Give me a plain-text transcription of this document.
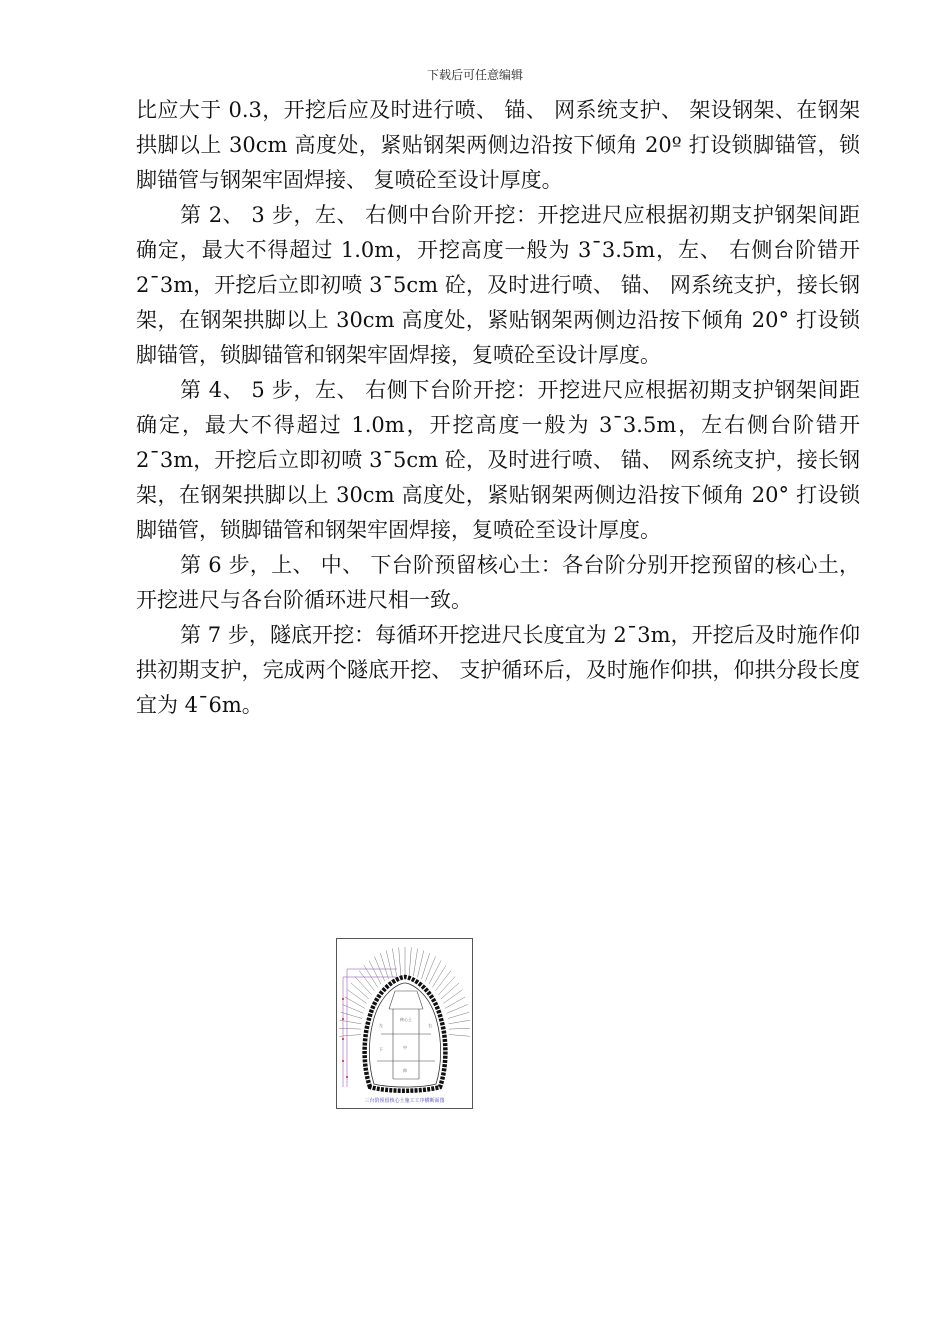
下载后可任意编辑

比应大于 0.3，开挖后应及时进行喷、 锚、 网系统支护、 架设钢架、在钢架拱脚以上 30cm 高度处，紧贴钢架两侧边沿按下倾角 20º 打设锁脚锚管，锁脚锚管与钢架牢固焊接、 复喷砼至设计厚度。

第 2、 3 步，左、 右侧中台阶开挖：开挖进尺应根据初期支护钢架间距确定，最大不得超过 1.0m，开挖高度一般为 3¯3.5m，左、 右侧台阶错开 2¯3m，开挖后立即初喷 3¯5cm 砼，及时进行喷、 锚、 网系统支护，接长钢架，在钢架拱脚以上 30cm 高度处，紧贴钢架两侧边沿按下倾角 20° 打设锁脚锚管，锁脚锚管和钢架牢固焊接，复喷砼至设计厚度。

第 4、 5 步，左、 右侧下台阶开挖：开挖进尺应根据初期支护钢架间距确定，最大不得超过 1.0m，开挖高度一般为 3¯3.5m，左右侧台阶错开 2¯3m，开挖后立即初喷 3¯5cm 砼，及时进行喷、 锚、 网系统支护，接长钢架，在钢架拱脚以上 30cm 高度处，紧贴钢架两侧边沿按下倾角 20° 打设锁脚锚管，锁脚锚管和钢架牢固焊接，复喷砼至设计厚度。

第 6 步，上、 中、 下台阶预留核心土：各台阶分别开挖预留的核心土，开挖进尺与各台阶循环进尺相一致。

第 7 步，隧底开挖：每循环开挖进尺长度宜为 2¯3m，开挖后及时施作仰拱初期支护，完成两个隧底开挖、 支护循环后，及时施作仰拱，仰拱分段长度宜为 4¯6m。

核心土
中
左	右
下
仰
三台阶预留核心土施工工序横断面图
